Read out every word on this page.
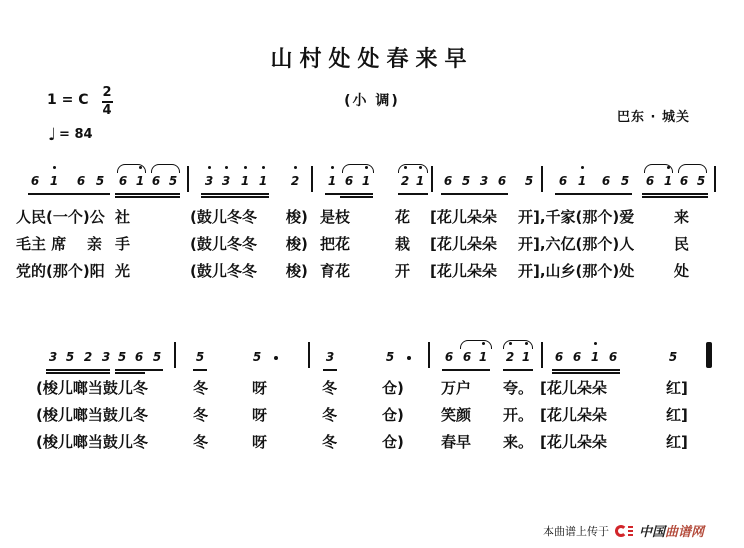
山村处处春来早
(小 调)
1 = C 2
4
♩ = 84
巴东 · 城关
6 1 6 5 6 1 6 5 3 3 1 1 2 1 6 1	2 1 6 5 3 6 5 6 1 6 5 6 1 6 5
人民(一个)公 社	(鼓儿冬冬 梭) 是枝	花 [花儿朵朵 开],千家(那个)爱	来
毛主 席 亲 手	(鼓儿冬冬 梭) 把花	栽 [花儿朵朵 开],六亿(那个)人	民
党的(那个)阳 光	(鼓儿冬冬 梭) 育花	开 [花儿朵朵 开],山乡(那个)处	处
3 5 2 3 5 6 5	5	5	3	5	6 6 1 2 1 6 6 1 6	5
(梭儿啷当鼓儿冬	冬	呀	冬	仓) 万户 夸。 [花儿朵朵	红]
(梭儿啷当鼓儿冬	冬	呀	冬	仓) 笑颜 开。 [花儿朵朵	红]
(梭儿啷当鼓儿冬	冬	呀	冬	仓) 春早 来。 [花儿朵朵	红]
本曲谱上传于 中国 曲谱网
